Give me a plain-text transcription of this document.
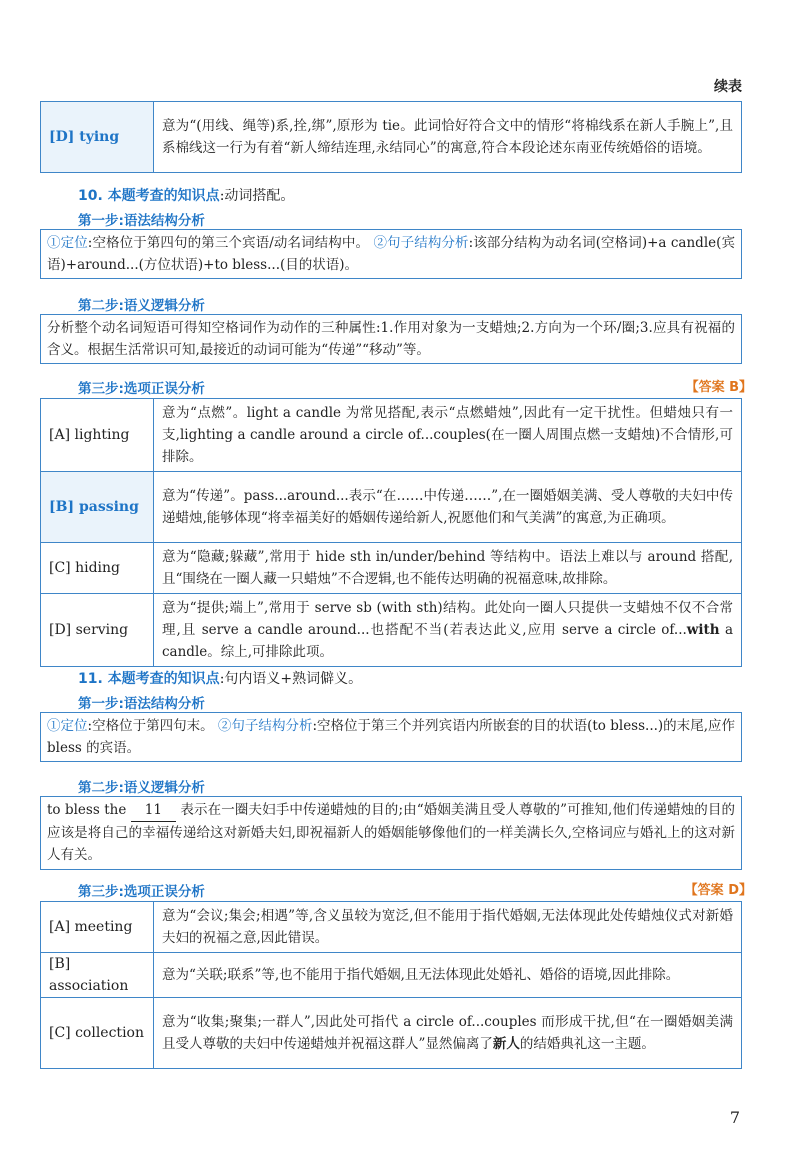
续表
[D] tying	意为“(用线、绳等)系,拴,绑”,原形为 tie。此词恰好符合文中的情形“将棉线系在新人手腕上”,且系棉线这一行为有着“新人缔结连理,永结同心”的寓意,符合本段论述东南亚传统婚俗的语境。
10. 本题考查的知识点:动词搭配。
第一步:语法结构分析
①定位:空格位于第四句的第三个宾语/动名词结构中。 ②句子结构分析:该部分结构为动名词(空格词)+a candle(宾语)+around...(方位状语)+to bless...(目的状语)。
第二步:语义逻辑分析
分析整个动名词短语可得知空格词作为动作的三种属性:1.作用对象为一支蜡烛;2.方向为一个环/圈;3.应具有祝福的含义。根据生活常识可知,最接近的动词可能为“传递”“移动”等。
第三步:选项正误分析	【答案 B】
[A] lighting	意为“点燃”。light a candle 为常见搭配,表示“点燃蜡烛”,因此有一定干扰性。但蜡烛只有一支,lighting a candle around a circle of...couples(在一圈人周围点燃一支蜡烛)不合情形,可排除。
[B] passing	意为“传递”。pass...around...表示“在……中传递……”,在一圈婚姻美满、受人尊敬的夫妇中传递蜡烛,能够体现“将幸福美好的婚姻传递给新人,祝愿他们和气美满”的寓意,为正确项。
[C] hiding	意为“隐藏;躲藏”,常用于 hide sth in/under/behind 等结构中。语法上难以与 around 搭配,且“围绕在一圈人藏一只蜡烛”不合逻辑,也不能传达明确的祝福意味,故排除。
[D] serving	意为“提供;端上”,常用于 serve sb (with sth)结构。此处向一圈人只提供一支蜡烛不仅不合常理,且 serve a candle around...也搭配不当(若表达此义,应用 serve a circle of...with a candle。综上,可排除此项。
11. 本题考查的知识点:句内语义+熟词僻义。
第一步:语法结构分析
①定位:空格位于第四句末。 ②句子结构分析:空格位于第三个并列宾语内所嵌套的目的状语(to bless...)的末尾,应作 bless 的宾语。
第二步:语义逻辑分析
to bless the 11 表示在一圈夫妇手中传递蜡烛的目的;由“婚姻美满且受人尊敬的”可推知,他们传递蜡烛的目的应该是将自己的幸福传递给这对新婚夫妇,即祝福新人的婚姻能够像他们的一样美满长久,空格词应与婚礼上的这对新人有关。
第三步:选项正误分析	【答案 D】
[A] meeting	意为“会议;集会;相遇”等,含义虽较为宽泛,但不能用于指代婚姻,无法体现此处传蜡烛仪式对新婚夫妇的祝福之意,因此错误。
[B] association	意为“关联;联系”等,也不能用于指代婚姻,且无法体现此处婚礼、婚俗的语境,因此排除。
[C] collection	意为“收集;聚集;一群人”,因此处可指代 a circle of...couples 而形成干扰,但“在一圈婚姻美满且受人尊敬的夫妇中传递蜡烛并祝福这群人”显然偏离了新人的结婚典礼这一主题。
7
